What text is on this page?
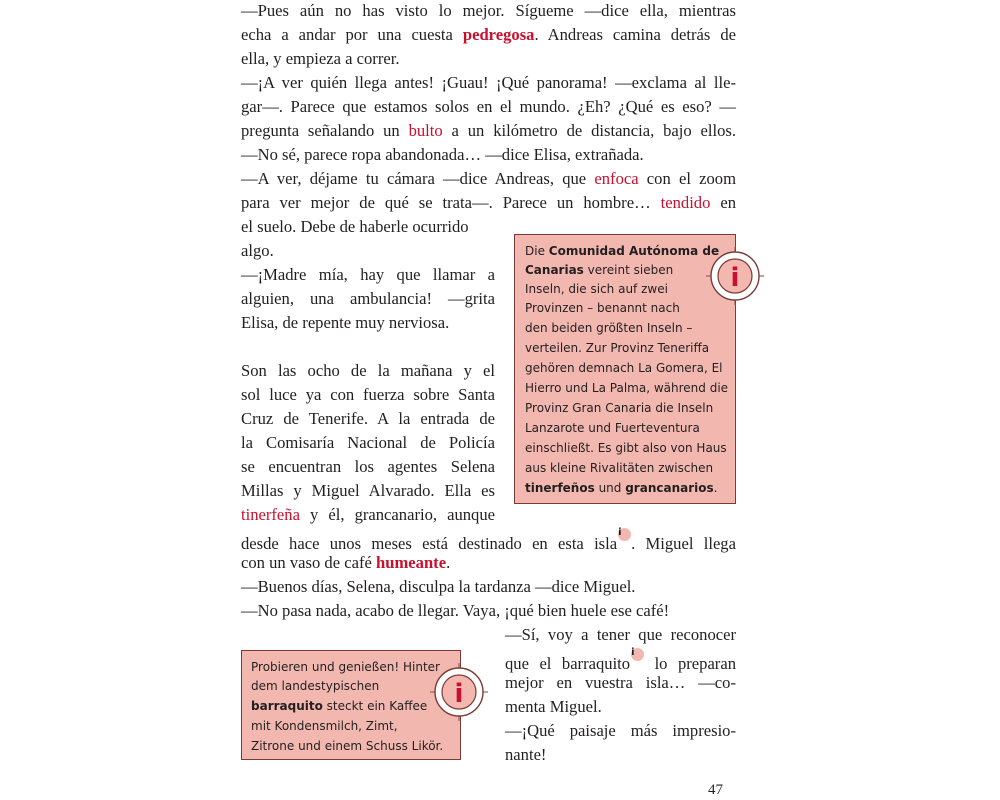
—Pues aún no has visto lo mejor. Sígueme —dice ella, mientras
echa a andar por una cuesta pedregosa. Andreas camina detrás de
ella, y empieza a correr.
—¡A ver quién llega antes! ¡Guau! ¡Qué panorama! —exclama al lle-
gar—. Parece que estamos solos en el mundo. ¿Eh? ¿Qué es eso? —
pregunta señalando un bulto a un kilómetro de distancia, bajo ellos.
—No sé, parece ropa abandonada… —dice Elisa, extrañada.
—A ver, déjame tu cámara —dice Andreas, que enfoca con el zoom
para ver mejor de qué se trata—. Parece un hombre… tendido en
el suelo. Debe de haberle ocurrido
algo.
—¡Madre mía, hay que llamar a
alguien, una ambulancia! —grita
Elisa, de repente muy nerviosa.
Son las ocho de la mañana y el
sol luce ya con fuerza sobre Santa
Cruz de Tenerife. A la entrada de
la Comisaría Nacional de Policía
se encuentran los agentes Selena
Millas y Miguel Alvarado. Ella es
tinerfeña y él, grancanario, aunque
desde hace unos meses está destinado en esta isla
i
. Miguel llega
con un vaso de café humeante.
—Buenos días, Selena, disculpa la tardanza —dice Miguel.
—No pasa nada, acabo de llegar. Vaya, ¡qué bien huele ese café!
—Sí, voy a tener que reconocer
que el barraquito
i
lo preparan
mejor en vuestra isla… —co-
menta Miguel.
—¡Qué paisaje más impresio-
nante!
Die Comunidad Autónoma de
Canarias vereint sieben
Inseln, die sich auf zwei
Provinzen – benannt nach
den beiden größten Inseln –
verteilen. Zur Provinz Teneriffa
gehören demnach La Gomera, El
Hierro und La Palma, während die
Provinz Gran Canaria die Inseln
Lanzarote und Fuerteventura
einschließt. Es gibt also von Haus
aus kleine Rivalitäten zwischen
tinerfeños und grancanarios.
i
Probieren und genießen! Hinter
dem landestypischen
barraquito steckt ein Kaffee
mit Kondensmilch, Zimt,
Zitrone und einem Schuss Likör.
i
47
